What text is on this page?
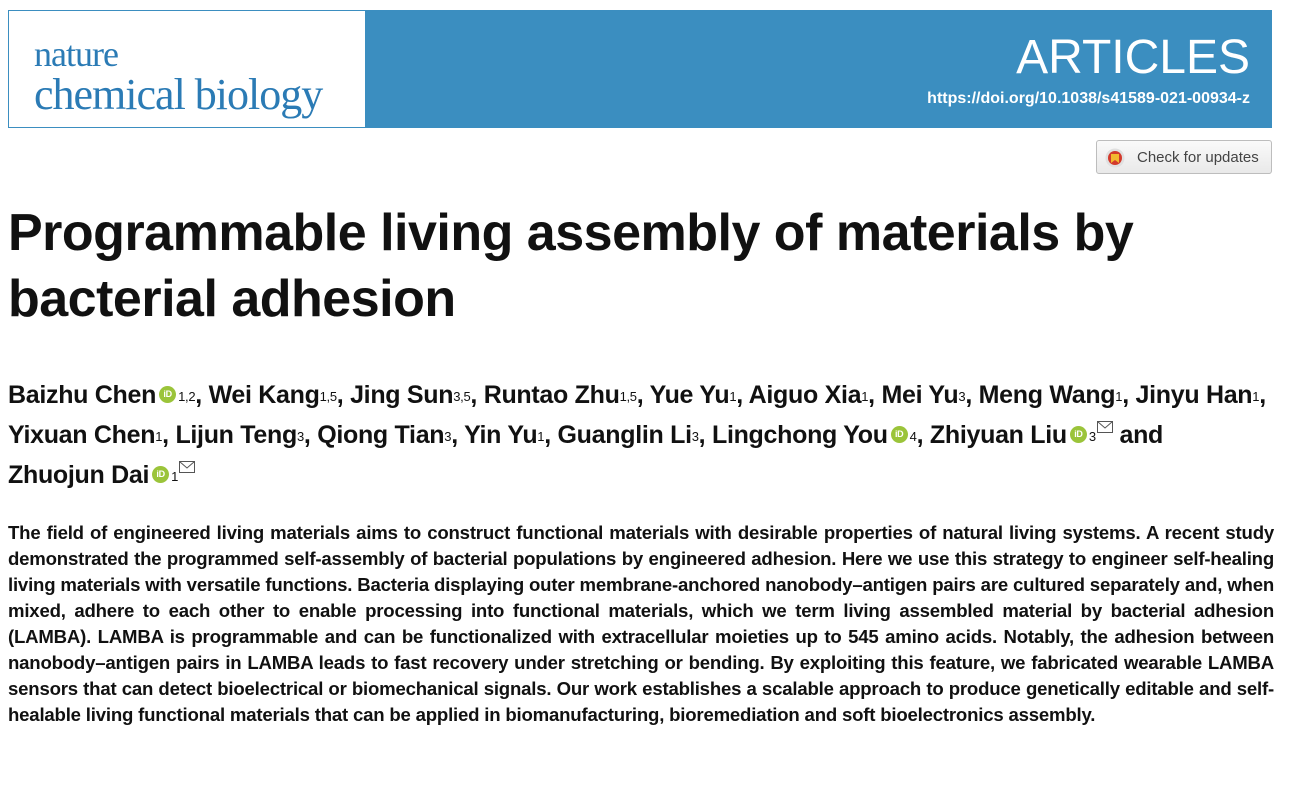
nature
chemical biology
ARTICLES
https://doi.org/10.1038/s41589-021-00934-z
Check for updates
Programmable living assembly of materials by bacterial adhesion
Baizhu Chen iD $^{1,2}$, Wei Kang$^{1,5}$, Jing Sun$^{3,5}$, Runtao Zhu$^{1,5}$, Yue Yu$^1$, Aiguo Xia$^1$, Mei Yu$^3$, Meng Wang$^1$, Jinyu Han$^1$, Yixuan Chen$^1$, Lijun Teng$^3$, Qiong Tian$^3$, Yin Yu$^1$, Guanglin Li$^3$, Lingchong You iD $^4$, Zhiyuan Liu iD $^3$ and Zhuojun Dai iD $^1$

The field of engineered living materials aims to construct functional materials with desirable properties of natural living systems. A recent study demonstrated the programmed self-assembly of bacterial populations by engineered adhesion. Here we use this strategy to engineer self-healing living materials with versatile functions. Bacteria displaying outer membrane-anchored nanobody–antigen pairs are cultured separately and, when mixed, adhere to each other to enable processing into functional materials, which we term living assembled material by bacterial adhesion (LAMBA). LAMBA is programmable and can be functionalized with extracellular moieties up to 545 amino acids. Notably, the adhesion between nanobody–antigen pairs in LAMBA leads to fast recovery under stretching or bending. By exploiting this feature, we fabricated wearable LAMBA sensors that can detect bioelectrical or biomechanical signals. Our work establishes a scalable approach to produce genetically editable and self-healable living functional materials that can be applied in biomanufacturing, bioremediation and soft bioelectronics assembly.
